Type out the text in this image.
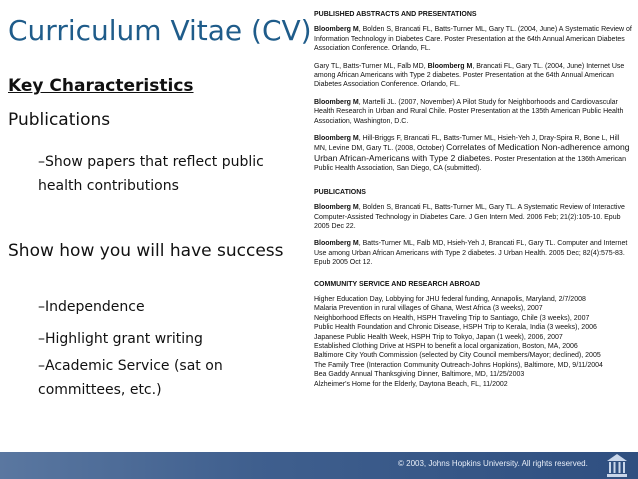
Curriculum Vitae (CV)
Key Characteristics
Publications
–Show papers that reflect public health contributions
Show how you will have success
–Independence
–Highlight grant writing
–Academic Service (sat on committees, etc.)
PUBLISHED ABSTRACTS AND PRESENTATIONS
Bloomberg M, Bolden S, Brancati FL, Batts-Turner ML, Gary TL. (2004, June) A Systematic Review of Information Technology in Diabetes Care. Poster Presentation at the 64th Annual American Diabetes Association Conference. Orlando, FL.
Gary TL, Batts-Turner ML, Falb MD, Bloomberg M, Brancati FL, Gary TL. (2004, June) Internet Use among African Americans with Type 2 diabetes. Poster Presentation at the 64th Annual American Diabetes Association Conference. Orlando, FL.
Bloomberg M, Martelli JL. (2007, November) A Pilot Study for Neighborhoods and Cardiovascular Health Research in Urban and Rural Chile. Poster Presentation at the 135th American Public Health Association, Washington, D.C.
Bloomberg M, Hill-Briggs F, Brancati FL, Batts-Turner ML, Hsieh-Yeh J, Dray-Spira R, Bone L, Hill MN, Levine DM, Gary TL. (2008, October) Correlates of Medication Non-adherence among Urban African-Americans with Type 2 diabetes. Poster Presentation at the 136th American Public Health Association, San Diego, CA (submitted).
PUBLICATIONS
Bloomberg M, Bolden S, Brancati FL, Batts-Turner ML, Gary TL. A Systematic Review of Interactive Computer-Assisted Technology in Diabetes Care. J Gen Intern Med. 2006 Feb; 21(2):105-10. Epub 2005 Dec 22.
Bloomberg M, Batts-Turner ML, Falb MD, Hsieh-Yeh J, Brancati FL, Gary TL. Computer and Internet Use among Urban African Americans with Type 2 diabetes. J Urban Health. 2005 Dec; 82(4):575-83. Epub 2005 Oct 12.
COMMUNITY SERVICE AND RESEARCH ABROAD
Higher Education Day, Lobbying for JHU federal funding, Annapolis, Maryland, 2/7/2008
Malaria Prevention in rural villages of Ghana, West Africa (3 weeks), 2007
Neighborhood Effects on Health, HSPH Traveling Trip to Santiago, Chile (3 weeks), 2007
Public Health Foundation and Chronic Disease, HSPH Trip to Kerala, India (3 weeks), 2006
Japanese Public Health Week, HSPH Trip to Tokyo, Japan (1 week), 2006, 2007
Established Clothing Drive at HSPH to benefit a local organization, Boston, MA, 2006
Baltimore City Youth Commission (selected by City Council members/Mayor; declined), 2005
The Family Tree (Interaction Community Outreach-Johns Hopkins), Baltimore, MD, 9/11/2004
Bea Gaddy Annual Thanksgiving Dinner, Baltimore, MD, 11/25/2003
Alzheimer's Home for the Elderly, Daytona Beach, FL, 11/2002
© 2003, Johns Hopkins University. All rights reserved.
